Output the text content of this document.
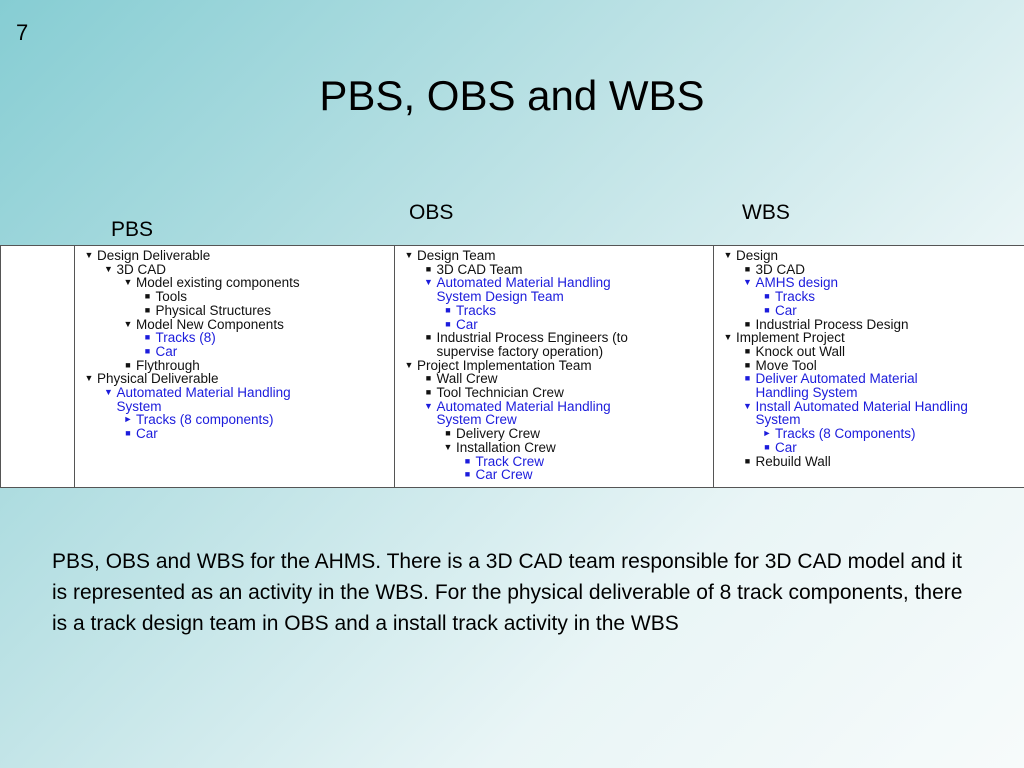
7
PBS, OBS and WBS
PBS
OBS	WBS
▼ Design Deliverable
▼ 3D CAD
▼ Model existing components
■ Tools
■ Physical Structures
▼ Model New Components
■ Tracks (8)
■ Car
■ Flythrough
▼ Physical Deliverable
▼ Automated Material Handling
System
► Tracks (8 components)
■ Car
▼ Design Team
■ 3D CAD Team
▼ Automated Material Handling
System Design Team
■ Tracks
■ Car
■ Industrial Process Engineers (to
supervise factory operation)
▼ Project Implementation Team
■ Wall Crew
■ Tool Technician Crew
▼ Automated Material Handling
System Crew
■ Delivery Crew
▼ Installation Crew
■ Track Crew
■ Car Crew
▼ Design
■ 3D CAD
▼ AMHS design
■ Tracks
■ Car
■ Industrial Process Design
▼ Implement Project
■ Knock out Wall
■ Move Tool
■ Deliver Automated Material
Handling System
▼ Install Automated Material Handling
System
► Tracks (8 Components)
■ Car
■ Rebuild Wall
PBS, OBS and WBS for the AHMS. There is a 3D CAD team responsible for 3D CAD model and it is represented as an activity in the WBS. For the physical deliverable of 8 track components, there is a track design team in OBS and a install track activity in the WBS
